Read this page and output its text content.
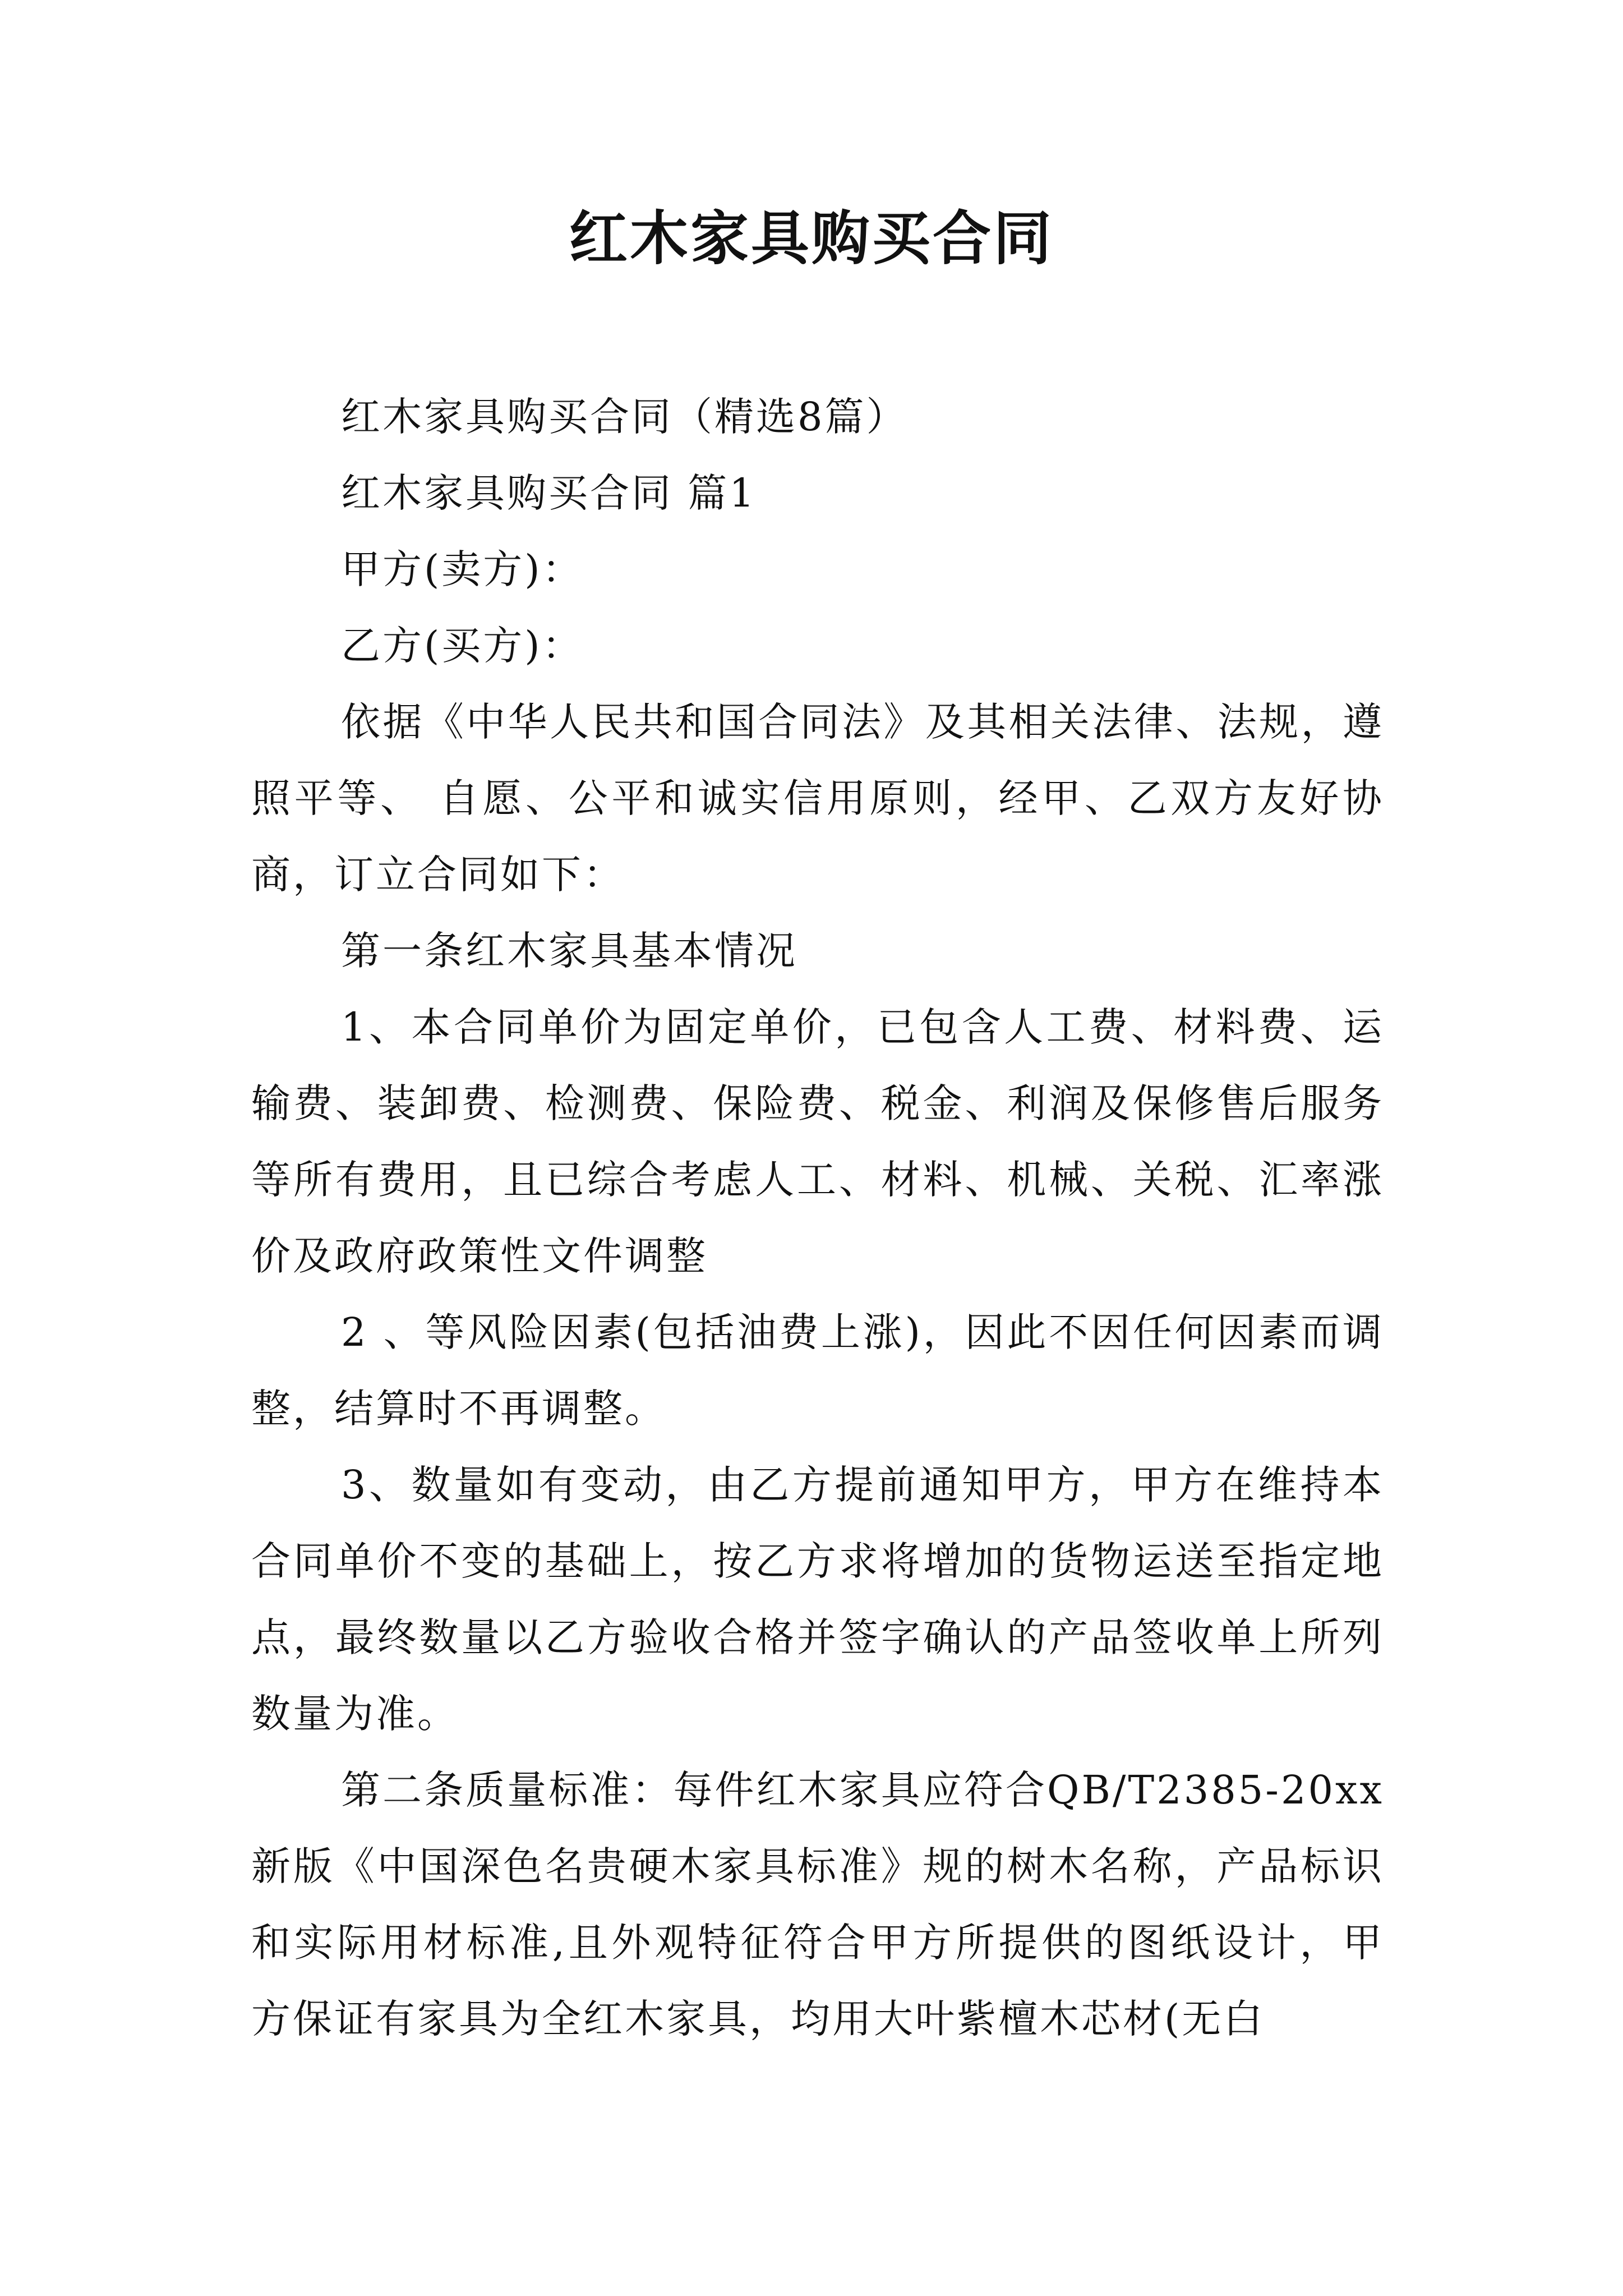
红木家具购买合同

红木家具购买合同（精选8篇）

红木家具购买合同 篇1

甲方(卖方)：

乙方(买方)：

依据《中华人民共和国合同法》及其相关法律、法规，遵照平等、 自愿、公平和诚实信用原则，经甲、乙双方友好协商，订立合同如下：

第一条红木家具基本情况

1、本合同单价为固定单价，已包含人工费、材料费、运输费、装卸费、检测费、保险费、税金、利润及保修售后服务等所有费用，且已综合考虑人工、材料、机械、关税、汇率涨价及政府政策性文件调整

2 、等风险因素(包括油费上涨)，因此不因任何因素而调整，结算时不再调整。

3、数量如有变动，由乙方提前通知甲方，甲方在维持本合同单价不变的基础上，按乙方求将增加的货物运送至指定地点，最终数量以乙方验收合格并签字确认的产品签收单上所列数量为准。

第二条质量标准：每件红木家具应符合QB/T2385-20xx新版《中国深色名贵硬木家具标准》规的树木名称，产品标识和实际用材标准,且外观特征符合甲方所提供的图纸设计，甲方保证有家具为全红木家具，均用大叶紫檀木芯材(无白
